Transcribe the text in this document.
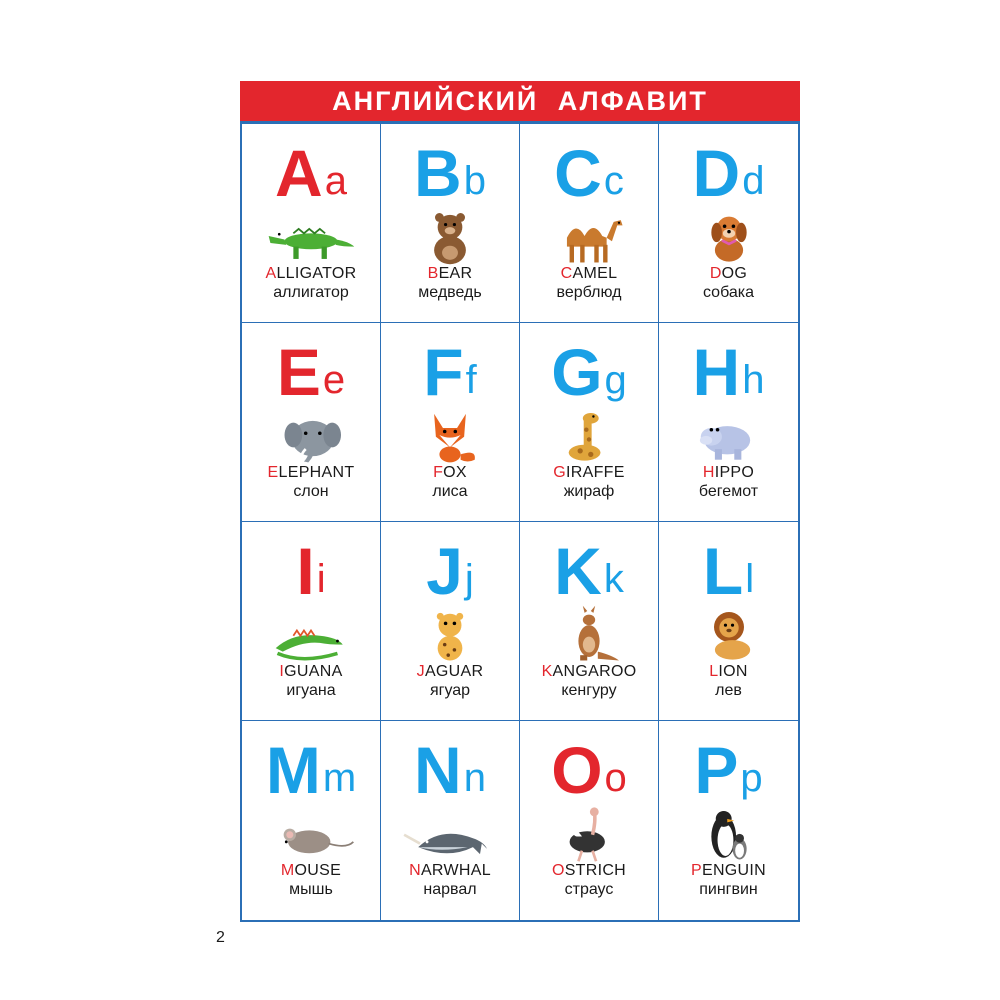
АНГЛИЙСКИЙ АЛФАВИТ
A a
ALLIGATOR
аллигатор
B b
BEAR
медведь
C c
CAMEL
верблюд
D d
DOG
собака
E e
ELEPHANT
слон
F f
FOX
лиса
G g
GIRAFFE
жираф
H h
HIPPO
бегемот
I i
IGUANA
игуана
J j
JAGUAR
ягуар
K k
KANGAROO
кенгуру
L l
LION
лев
M m
MOUSE
мышь
N n
NARWHAL
нарвал
O o
OSTRICH
страус
P p
PENGUIN
пингвин
2
